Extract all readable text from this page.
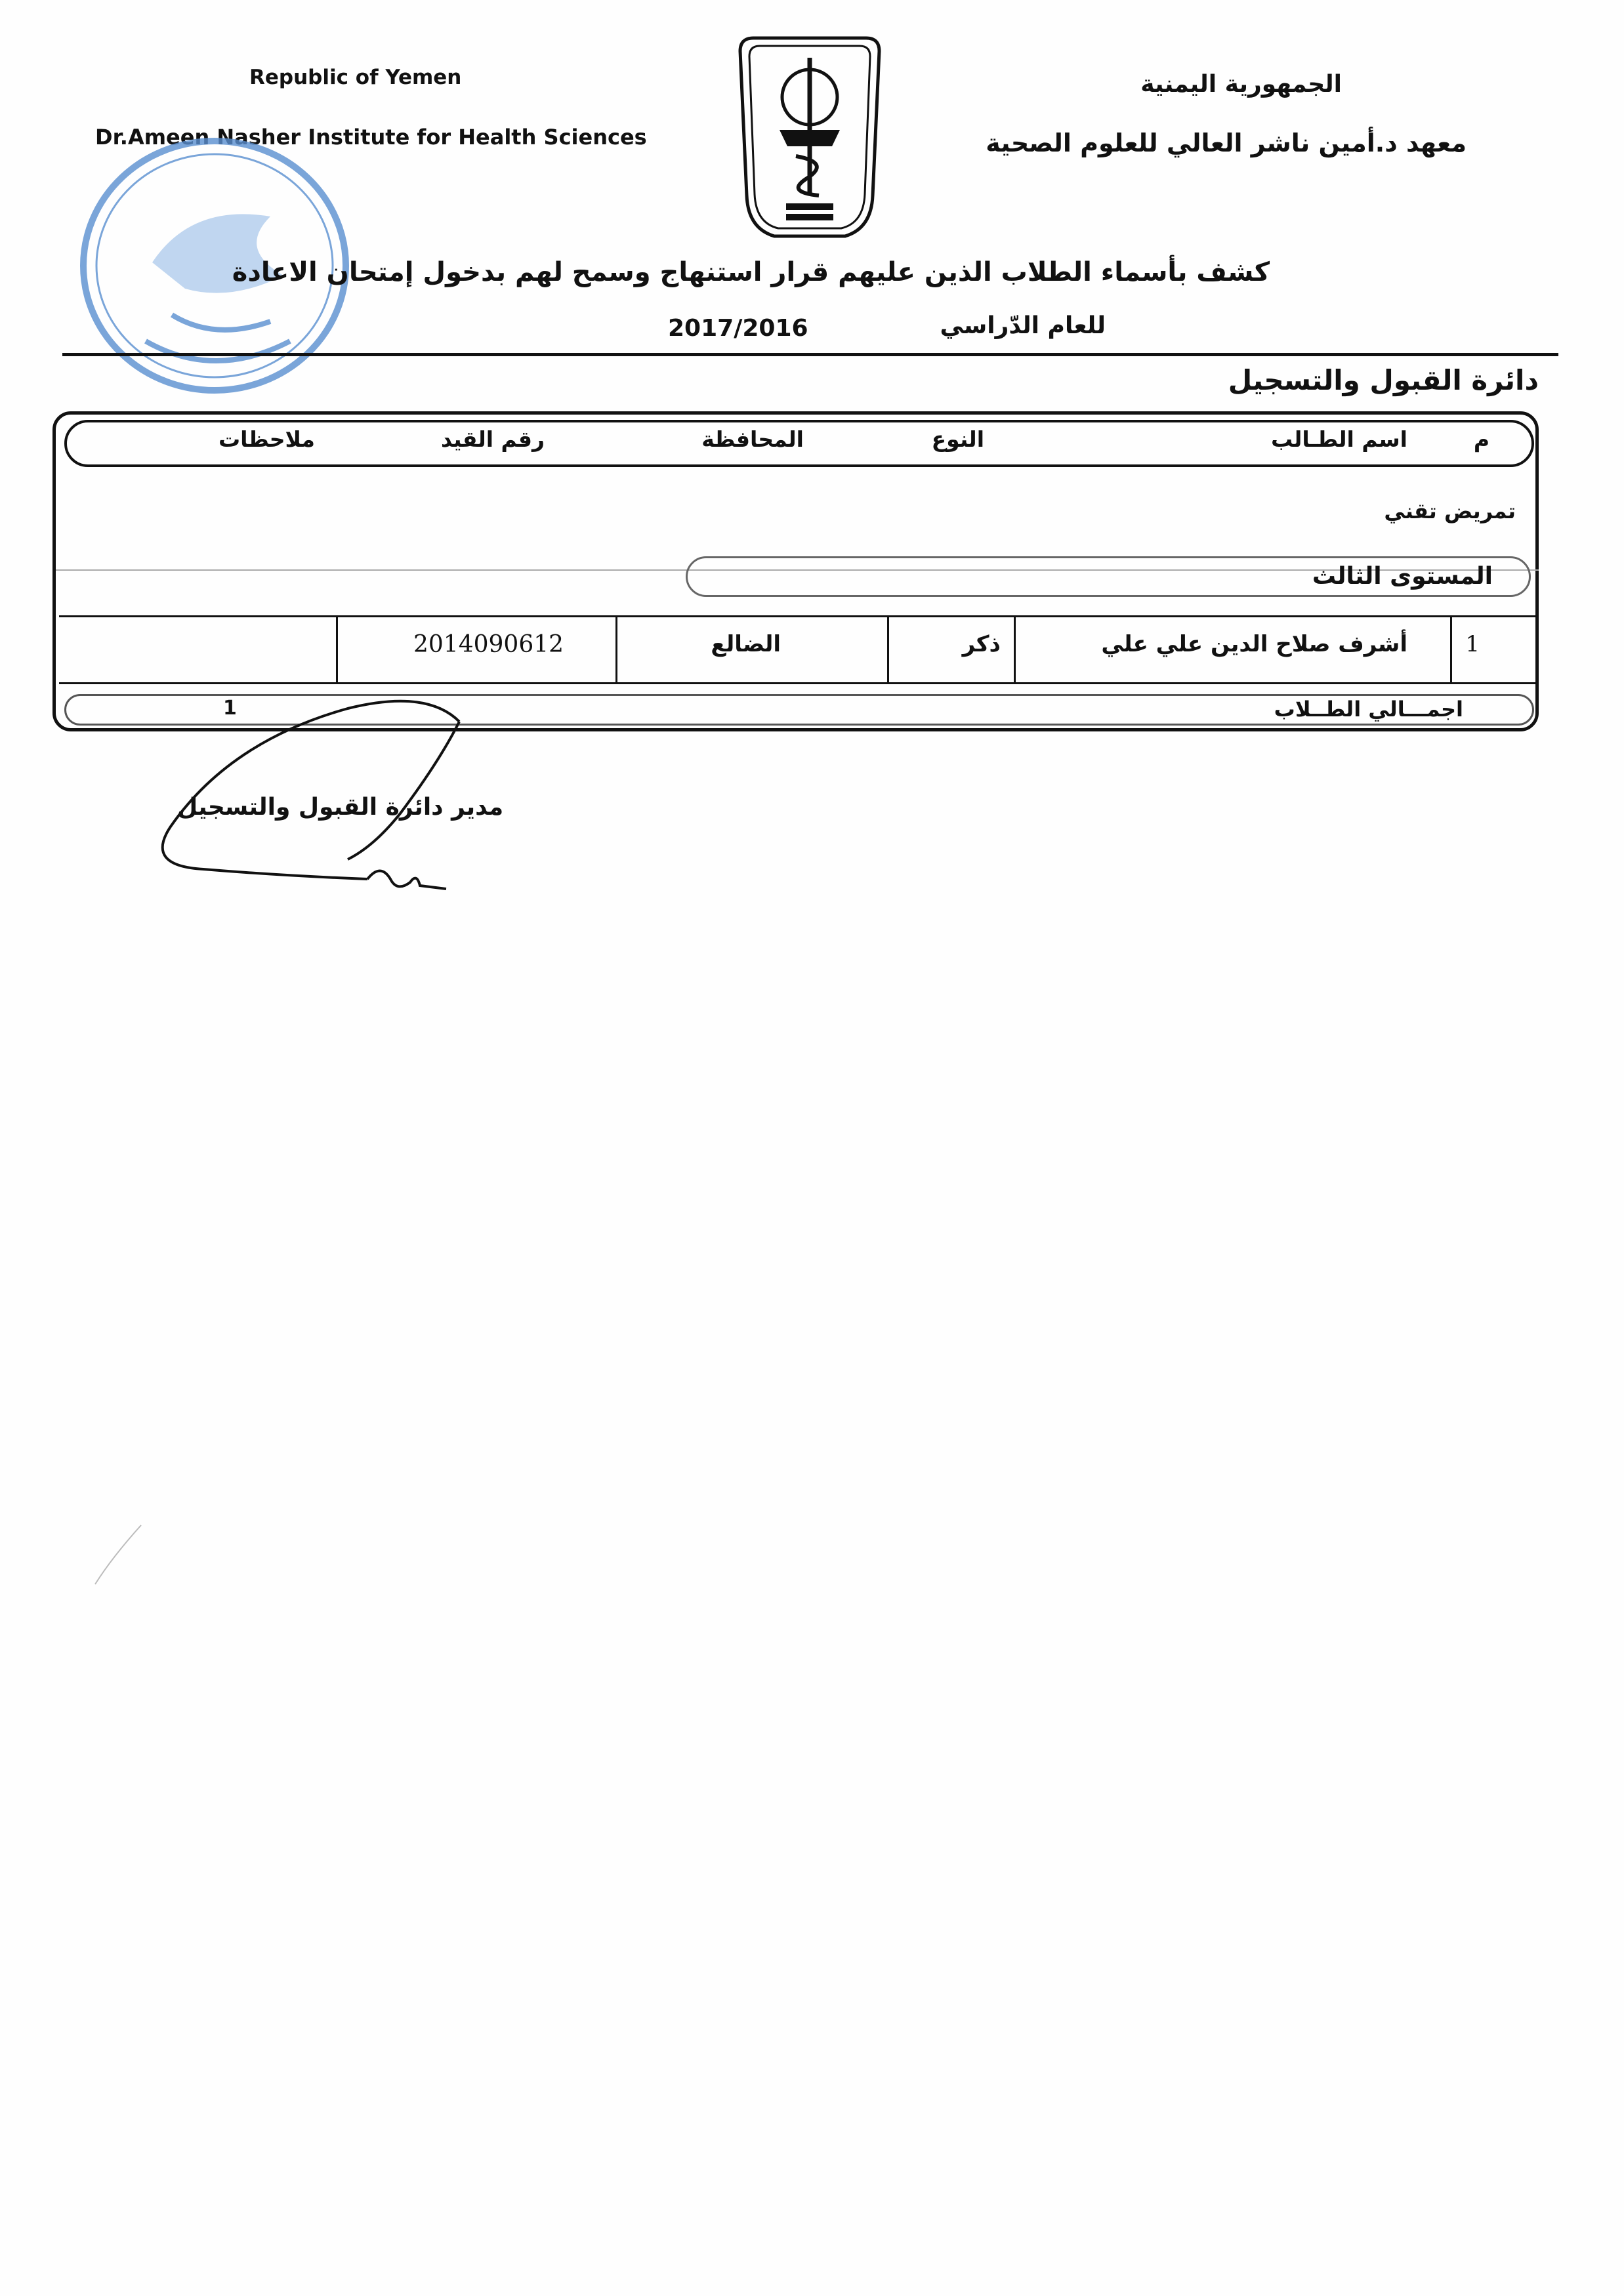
Republic of Yemen
Dr.Ameen Nasher Institute for Health Sciences
الجمهورية اليمنية
معهد د.أمين ناشر العالي للعلوم الصحية
كشف بأسماء الطلاب الذين عليهم قرار استنهاج وسمح لهم بدخول إمتحان الاعادة
للعام الدّراسي
2017/2016
دائرة القبول والتسجيل
م
اسم الطـالب
النوع
المحافظة
رقم القيد
ملاحظات
تمريض تقني
المستوى الثالث
1
أشرف صلاح الدين علي علي
ذكر
الضالع
2014090612
اجمـــالي الطــلاب
1
مدير دائرة القبول والتسجيل
